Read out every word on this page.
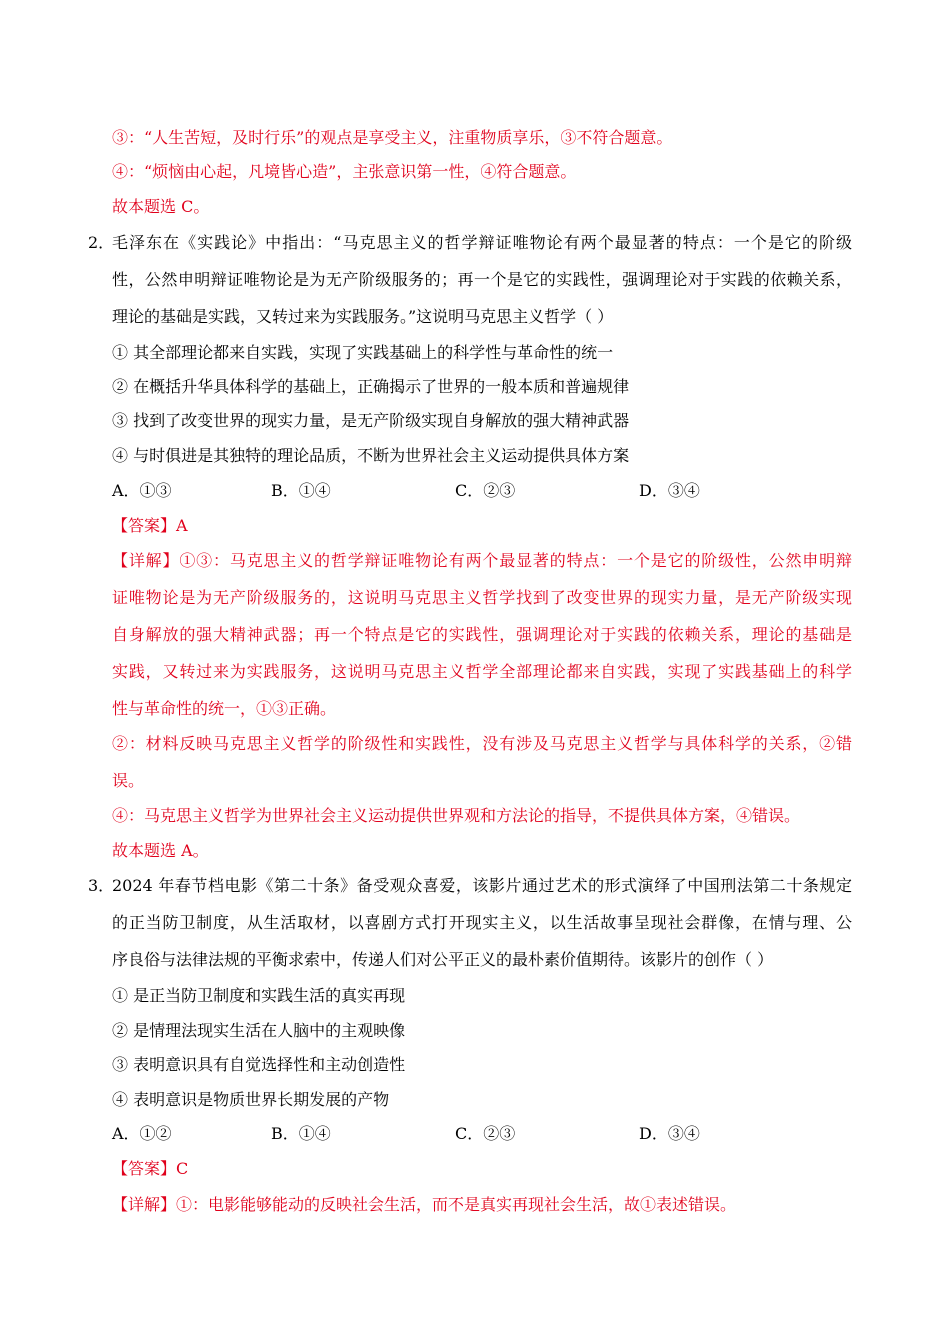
③：“人生苦短，及时行乐”的观点是享受主义，注重物质享乐，③不符合题意。
④：“烦恼由心起，凡境皆心造”，主张意识第一性，④符合题意。
故本题选 C。
2．
毛泽东在《实践论》中指出：“马克思主义的哲学辩证唯物论有两个最显著的特点：一个是它的阶级
性，公然申明辩证唯物论是为无产阶级服务的；再一个是它的实践性，强调理论对于实践的依赖关系，
理论的基础是实践，又转过来为实践服务。”这说明马克思主义哲学（ ）
① 其全部理论都来自实践，实现了实践基础上的科学性与革命性的统一
② 在概括升华具体科学的基础上，正确揭示了世界的一般本质和普遍规律
③ 找到了改变世界的现实力量，是无产阶级实现自身解放的强大精神武器
④ 与时俱进是其独特的理论品质，不断为世界社会主义运动提供具体方案
A．①③	B．①④	C．②③	D．③④
【答案】A
【详解】①③：马克思主义的哲学辩证唯物论有两个最显著的特点：一个是它的阶级性，公然申明辩
证唯物论是为无产阶级服务的，这说明马克思主义哲学找到了改变世界的现实力量，是无产阶级实现
自身解放的强大精神武器；再一个特点是它的实践性，强调理论对于实践的依赖关系，理论的基础是
实践，又转过来为实践服务，这说明马克思主义哲学全部理论都来自实践，实现了实践基础上的科学
性与革命性的统一，①③正确。
②：材料反映马克思主义哲学的阶级性和实践性，没有涉及马克思主义哲学与具体科学的关系，②错
误。
④：马克思主义哲学为世界社会主义运动提供世界观和方法论的指导，不提供具体方案，④错误。
故本题选 A。
3．
2024 年春节档电影《第二十条》备受观众喜爱，该影片通过艺术的形式演绎了中国刑法第二十条规定
的正当防卫制度，从生活取材，以喜剧方式打开现实主义，以生活故事呈现社会群像，在情与理、公
序良俗与法律法规的平衡求索中，传递人们对公平正义的最朴素价值期待。该影片的创作（ ）
① 是正当防卫制度和实践生活的真实再现
② 是情理法现实生活在人脑中的主观映像
③ 表明意识具有自觉选择性和主动创造性
④ 表明意识是物质世界长期发展的产物
A．①②	B．①④	C．②③	D．③④
【答案】C
【详解】①：电影能够能动的反映社会生活，而不是真实再现社会生活，故①表述错误。
